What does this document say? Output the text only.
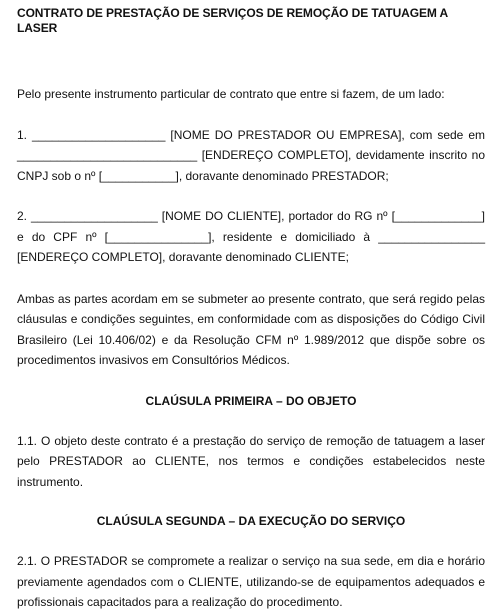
CONTRATO DE PRESTAÇÃO DE SERVIÇOS DE REMOÇÃO DE TATUAGEM A LASER

Pelo presente instrumento particular de contrato que entre si fazem, de um lado:

1. ____________________ [NOME DO PRESTADOR OU EMPRESA], com sede em ___________________________ [ENDEREÇO COMPLETO], devidamente inscrito no CNPJ sob o nº [___________], doravante denominado PRESTADOR;

2. ___________________ [NOME DO CLIENTE], portador do RG nº [_____________] e do CPF nº [_______________], residente e domiciliado à ________________ [ENDEREÇO COMPLETO], doravante denominado CLIENTE;

Ambas as partes acordam em se submeter ao presente contrato, que será regido pelas cláusulas e condições seguintes, em conformidade com as disposições do Código Civil Brasileiro (Lei 10.406/02) e da Resolução CFM nº 1.989/2012 que dispõe sobre os procedimentos invasivos em Consultórios Médicos.

CLAÚSULA PRIMEIRA – DO OBJETO

1.1. O objeto deste contrato é a prestação do serviço de remoção de tatuagem a laser pelo PRESTADOR ao CLIENTE, nos termos e condições estabelecidos neste instrumento.

CLAÚSULA SEGUNDA – DA EXECUÇÃO DO SERVIÇO

2.1. O PRESTADOR se compromete a realizar o serviço na sua sede, em dia e horário previamente agendados com o CLIENTE, utilizando-se de equipamentos adequados e profissionais capacitados para a realização do procedimento.
